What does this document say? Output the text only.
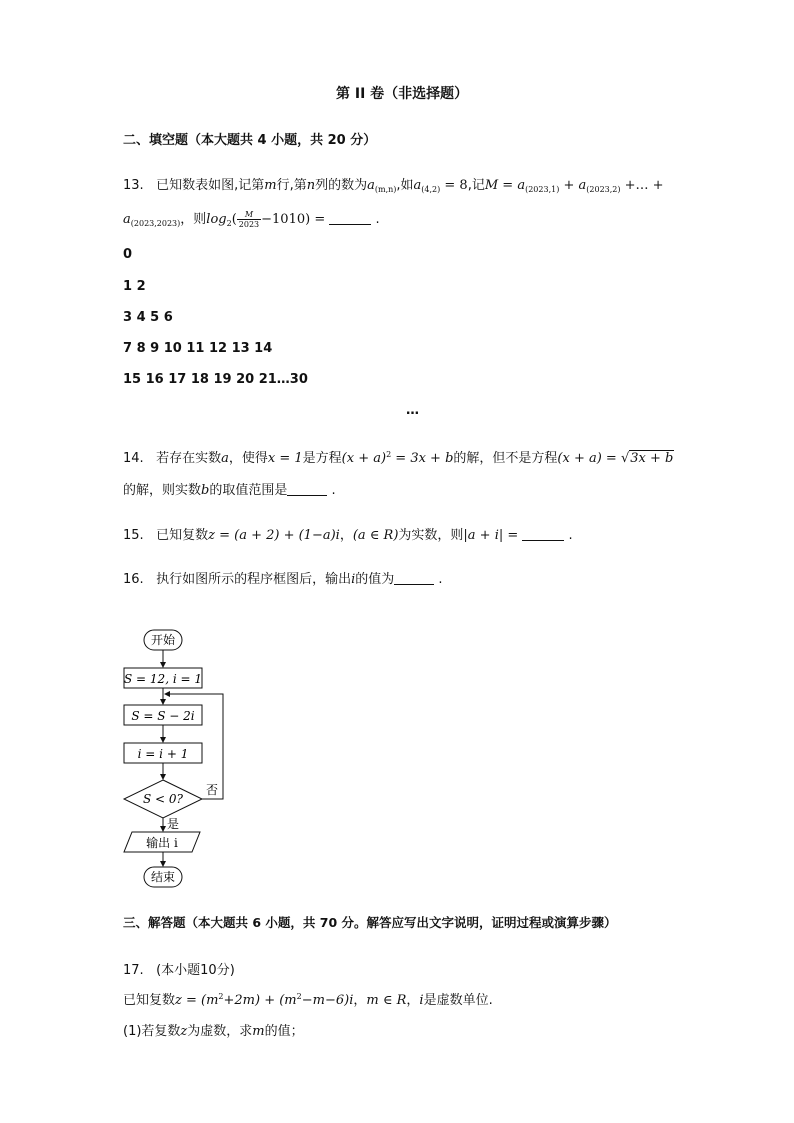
第 II 卷（非选择题）
二、填空题（本大题共 4 小题，共 20 分）
13. 已知数表如图,记第m行,第n列的数为$a_{(m,n)}$,如$a_{(4,2)} = 8$,记$M = a_{(2023,1)} + a_{(2023,2)}$ +… +
$a_{(2023,2023)}$，则$\log_2( \frac{M}{2023} -1010)$ =	.
0
1 2
3 4 5 6
7 8 9 10 11 12 13 14
15 16 17 18 19 20 21…30
…
14. 若存在实数a，使得x = 1是方程$(x + a)^2 = 3x + b$的解，但不是方程(x + a) = √3x + b
的解，则实数b的取值范围是	.
15. 已知复数z = (a + 2) + (1−a)i，(a ∈ R)为实数，则|a + i| =	.
16. 执行如图所示的程序框图后，输出i的值为	.
开始
S = 12, i = 1
S = S − 2i
i = i + 1
S < 0?
否
是
输出 i
结束
三、解答题（本大题共 6 小题，共 70 分。解答应写出文字说明，证明过程或演算步骤）
17. (本小题10分)
已知复数$z = (m^2+2m) + (m^2-m-6)i$，m ∈ R，i是虚数单位.
(1)若复数z为虚数，求m的值；
